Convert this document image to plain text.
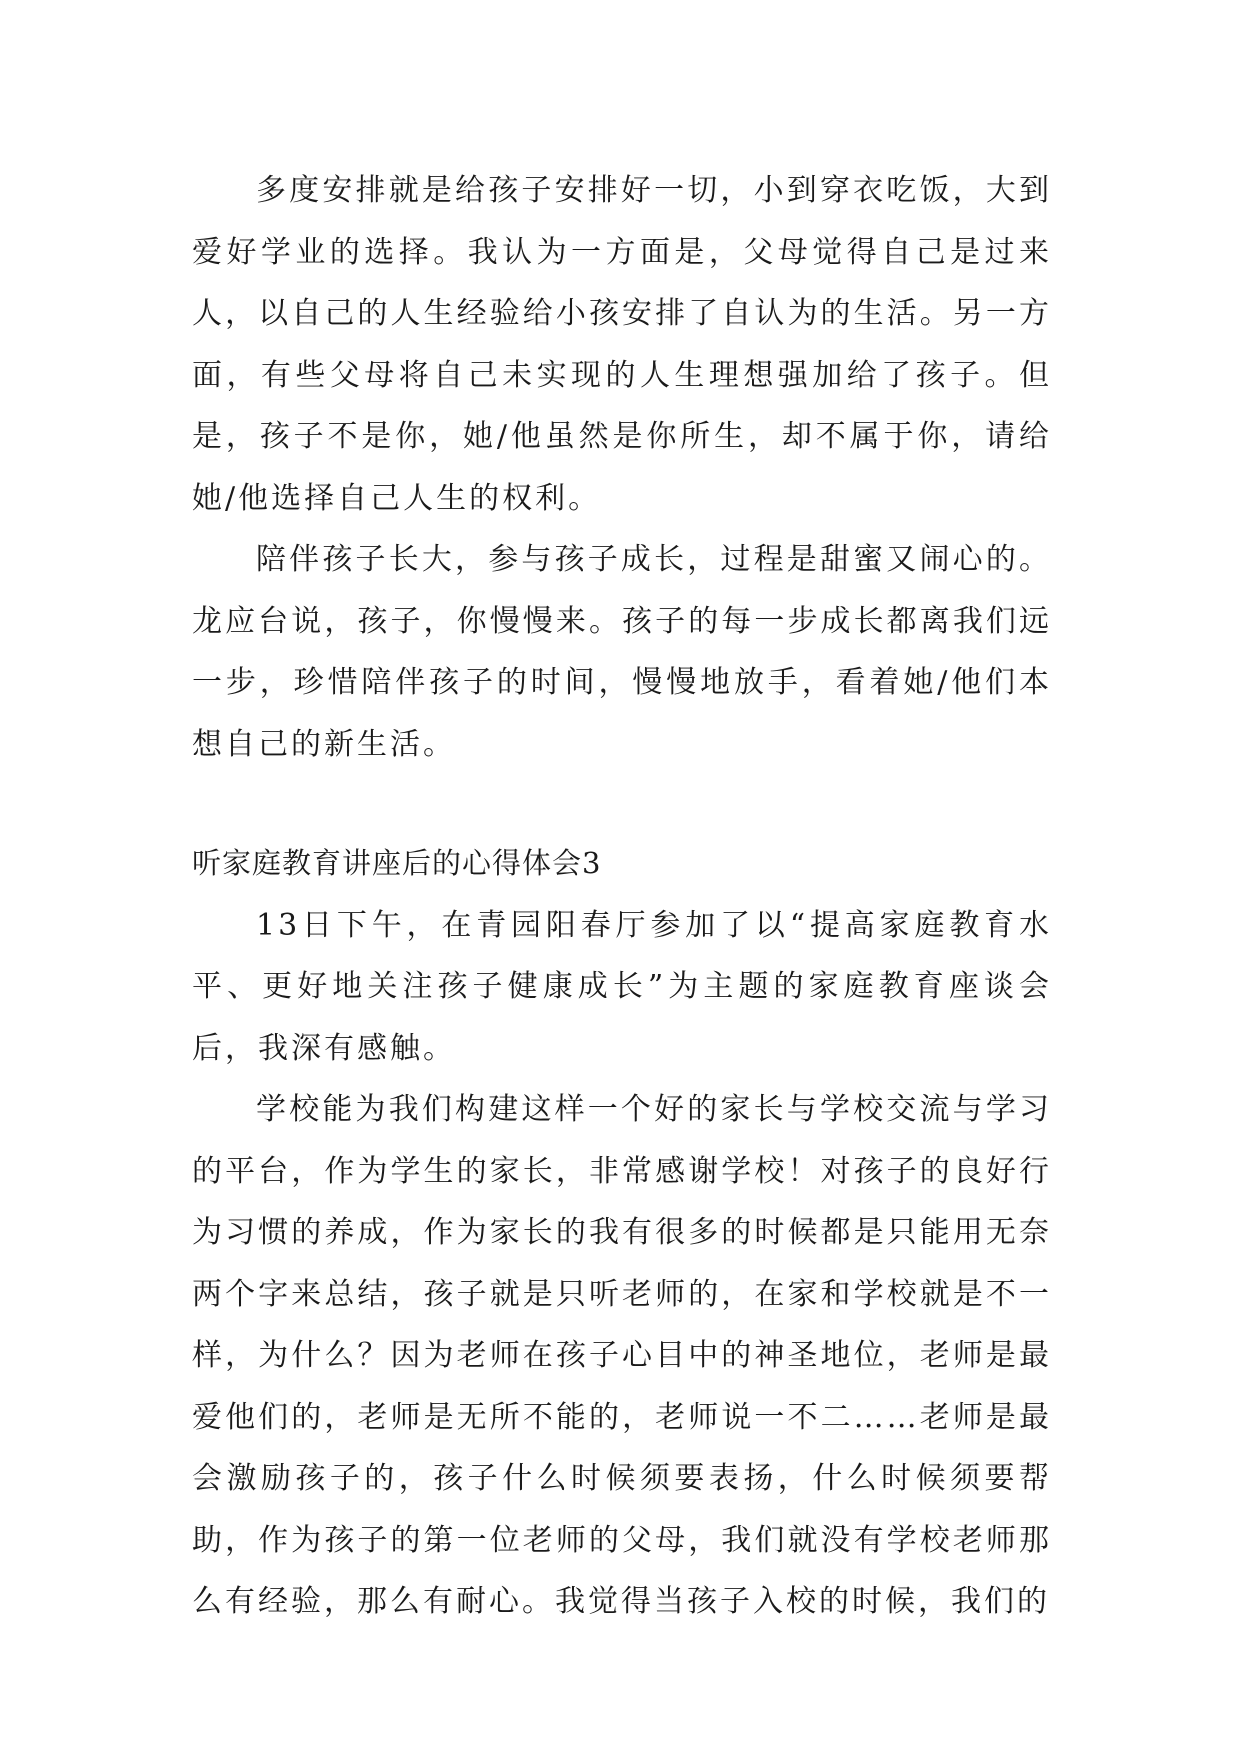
多度安排就是给孩子安排好一切，小到穿衣吃饭，大到爱好学业的选择。我认为一方面是，父母觉得自己是过来人，以自己的人生经验给小孩安排了自认为的生活。另一方面，有些父母将自己未实现的人生理想强加给了孩子。但是，孩子不是你，她/他虽然是你所生，却不属于你，请给她/他选择自己人生的权利。

陪伴孩子长大，参与孩子成长，过程是甜蜜又闹心的。龙应台说，孩子，你慢慢来。孩子的每一步成长都离我们远一步，珍惜陪伴孩子的时间，慢慢地放手，看着她/他们本想自己的新生活。

听家庭教育讲座后的心得体会3

13日下午，在青园阳春厅参加了以“提高家庭教育水平、更好地关注孩子健康成长”为主题的家庭教育座谈会后，我深有感触。

学校能为我们构建这样一个好的家长与学校交流与学习的平台，作为学生的家长，非常感谢学校！对孩子的良好行为习惯的养成，作为家长的我有很多的时候都是只能用无奈两个字来总结，孩子就是只听老师的，在家和学校就是不一样，为什么？因为老师在孩子心目中的神圣地位，老师是最爱他们的，老师是无所不能的，老师说一不二……老师是最会激励孩子的，孩子什么时候须要表扬，什么时候须要帮助，作为孩子的第一位老师的父母，我们就没有学校老师那么有经验，那么有耐心。我觉得当孩子入校的时候，我们的
